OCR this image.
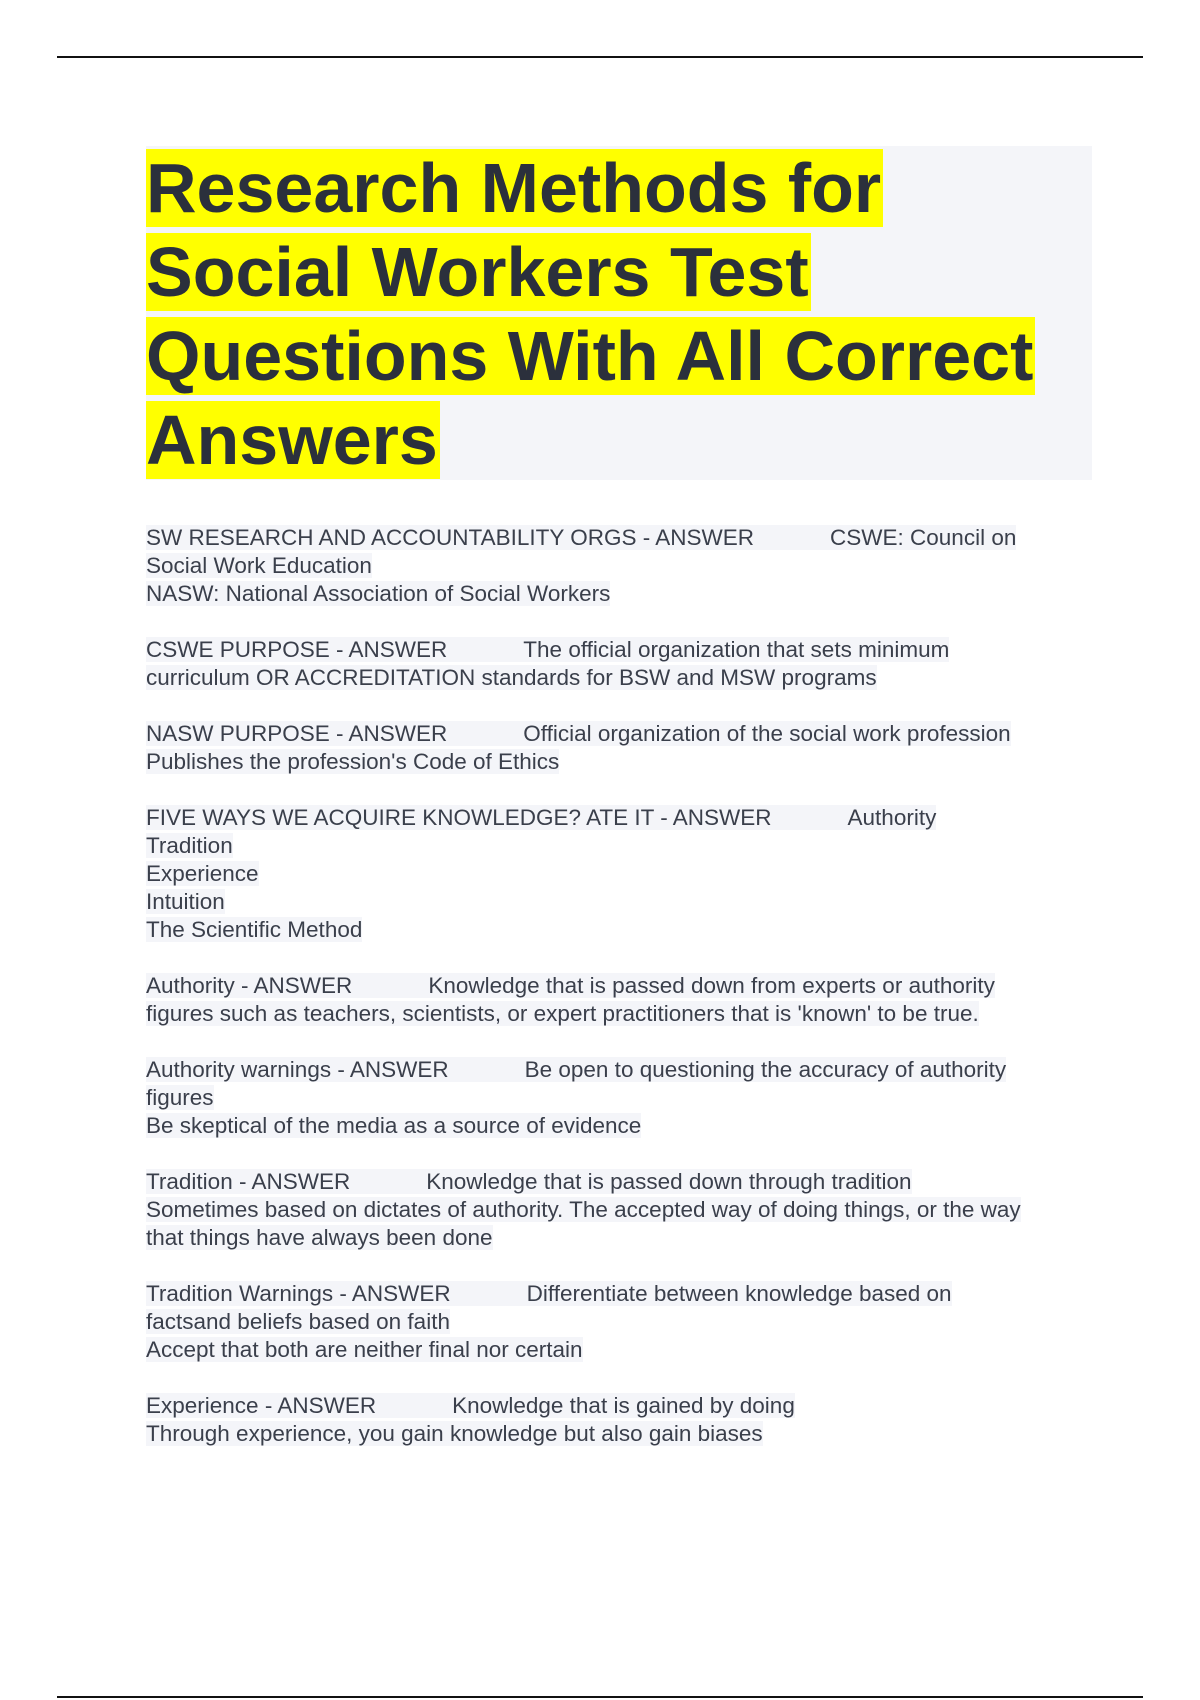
Research Methods for
Social Workers Test
Questions With All Correct
Answers
SW RESEARCH AND ACCOUNTABILITY ORGS - ANSWER	CSWE: Council on
Social Work Education
NASW: National Association of Social Workers
CSWE PURPOSE - ANSWER	The official organization that sets minimum
curriculum OR ACCREDITATION standards for BSW and MSW programs
NASW PURPOSE - ANSWER	Official organization of the social work profession
Publishes the profession's Code of Ethics
FIVE WAYS WE ACQUIRE KNOWLEDGE? ATE IT - ANSWER	Authority
Tradition
Experience
Intuition
The Scientific Method
Authority - ANSWER	Knowledge that is passed down from experts or authority
figures such as teachers, scientists, or expert practitioners that is 'known' to be true.
Authority warnings - ANSWER	Be open to questioning the accuracy of authority
figures
Be skeptical of the media as a source of evidence
Tradition - ANSWER	Knowledge that is passed down through tradition
Sometimes based on dictates of authority. The accepted way of doing things, or the way
that things have always been done
Tradition Warnings - ANSWER	Differentiate between knowledge based on
factsand beliefs based on faith
Accept that both are neither final nor certain
Experience - ANSWER	Knowledge that is gained by doing
Through experience, you gain knowledge but also gain biases
